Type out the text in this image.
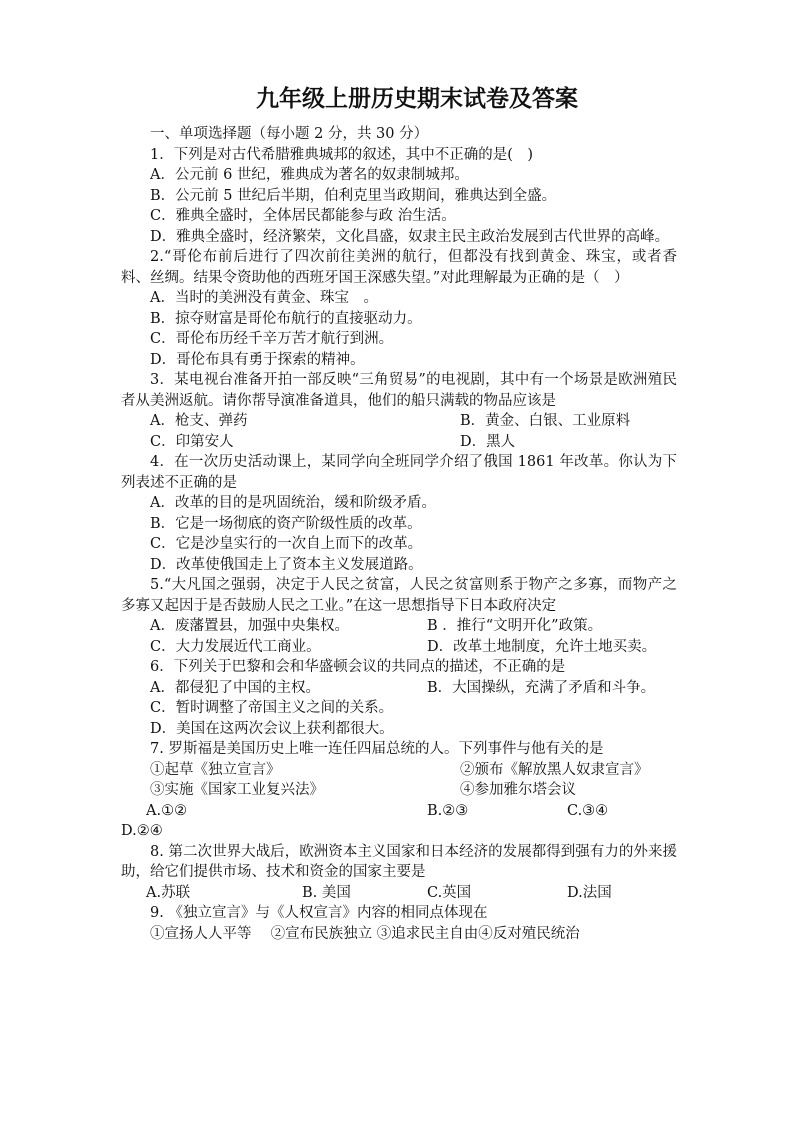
九年级上册历史期末试卷及答案

一、单项选择题（每小题 2 分，共 30 分）

1．下列是对古代希腊雅典城邦的叙述，其中不正确的是(　)

A．公元前 6 世纪，雅典成为著名的奴隶制城邦。

B．公元前 5 世纪后半期，伯利克里当政期间，雅典达到全盛。

C．雅典全盛时，全体居民都能参与政 治生活。

D．雅典全盛时，经济繁荣，文化昌盛，奴隶主民主政治发展到古代世界的高峰。

2.“哥伦布前后进行了四次前往美洲的航行，但都没有找到黄金、珠宝，或者香料、丝绸。结果令资助他的西班牙国王深感失望。”对此理解最为正确的是（　）

A．当时的美洲没有黄金、珠宝　。

B．掠夺财富是哥伦布航行的直接驱动力。

C．哥伦布历经千辛万苦才航行到洲。

D．哥伦布具有勇于探索的精神。

3．某电视台准备开拍一部反映“三角贸易”的电视剧，其中有一个场景是欧洲殖民者从美洲返航。请你帮导演准备道具，他们的船只满载的物品应该是

A．枪支、弹药	B．黄金、白银、工业原料
C．印第安人	D．黑人

4．在一次历史活动课上，某同学向全班同学介绍了俄国 1861 年改革。你认为下列表述不正确的是

A．改革的目的是巩固统治，缓和阶级矛盾。

B．它是一场彻底的资产阶级性质的改革。

C．它是沙皇实行的一次自上而下的改革。

D．改革使俄国走上了资本主义发展道路。

5.“大凡国之强弱，决定于人民之贫富，人民之贫富则系于物产之多寡，而物产之多寡又起因于是否鼓励人民之工业。”在这一思想指导下日本政府决定

A．废藩置县，加强中央集权。	B ．推行“文明开化”政策。
C．大力发展近代工商业。	D．改革土地制度，允许土地买卖。

6．下列关于巴黎和会和华盛顿会议的共同点的描述，不正确的是

A．都侵犯了中国的主权。	B．大国操纵，充满了矛盾和斗争。
C．暂时调整了帝国主义之间的关系。

D．美国在这两次会议上获利都很大。

7. 罗斯福是美国历史上唯一连任四届总统的人。下列事件与他有关的是

①起草《独立宣言》	②颁布《解放黑人奴隶宣言》
③实施《国家工业复兴法》	④参加雅尔塔会议
A.①②	B.②③	C.③④
D.②④

8. 第二次世界大战后，欧洲资本主义国家和日本经济的发展都得到强有力的外来援助，给它们提供市场、技术和资金的国家主要是

A.苏联	B. 美国	C.英国	D.法国

9. 《独立宣言》与《人权宣言》内容的相同点体现在

①宣扬人人平等　 ②宣布民族独立 ③追求民主自由④反对殖民统治
